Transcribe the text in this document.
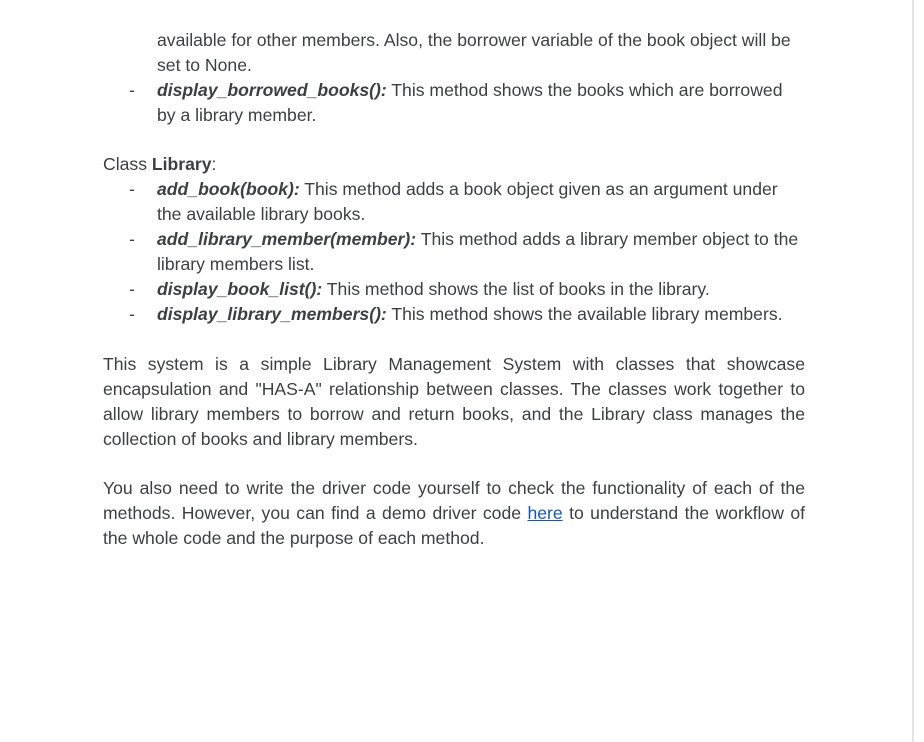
available for other members. Also, the borrower variable of the book object will be set to None.
-	display_borrowed_books(): This method shows the books which are borrowed by a library member.
Class Library:
-	add_book(book): This method adds a book object given as an argument under the available library books.
-	add_library_member(member): This method adds a library member object to the library members list.
-	display_book_list(): This method shows the list of books in the library.
-	display_library_members(): This method shows the available library members.

This system is a simple Library Management System with classes that showcase encapsulation and "HAS-A" relationship between classes. The classes work together to allow library members to borrow and return books, and the Library class manages the collection of books and library members.

You also need to write the driver code yourself to check the functionality of each of the methods. However, you can find a demo driver code here to understand the workflow of the whole code and the purpose of each method.
